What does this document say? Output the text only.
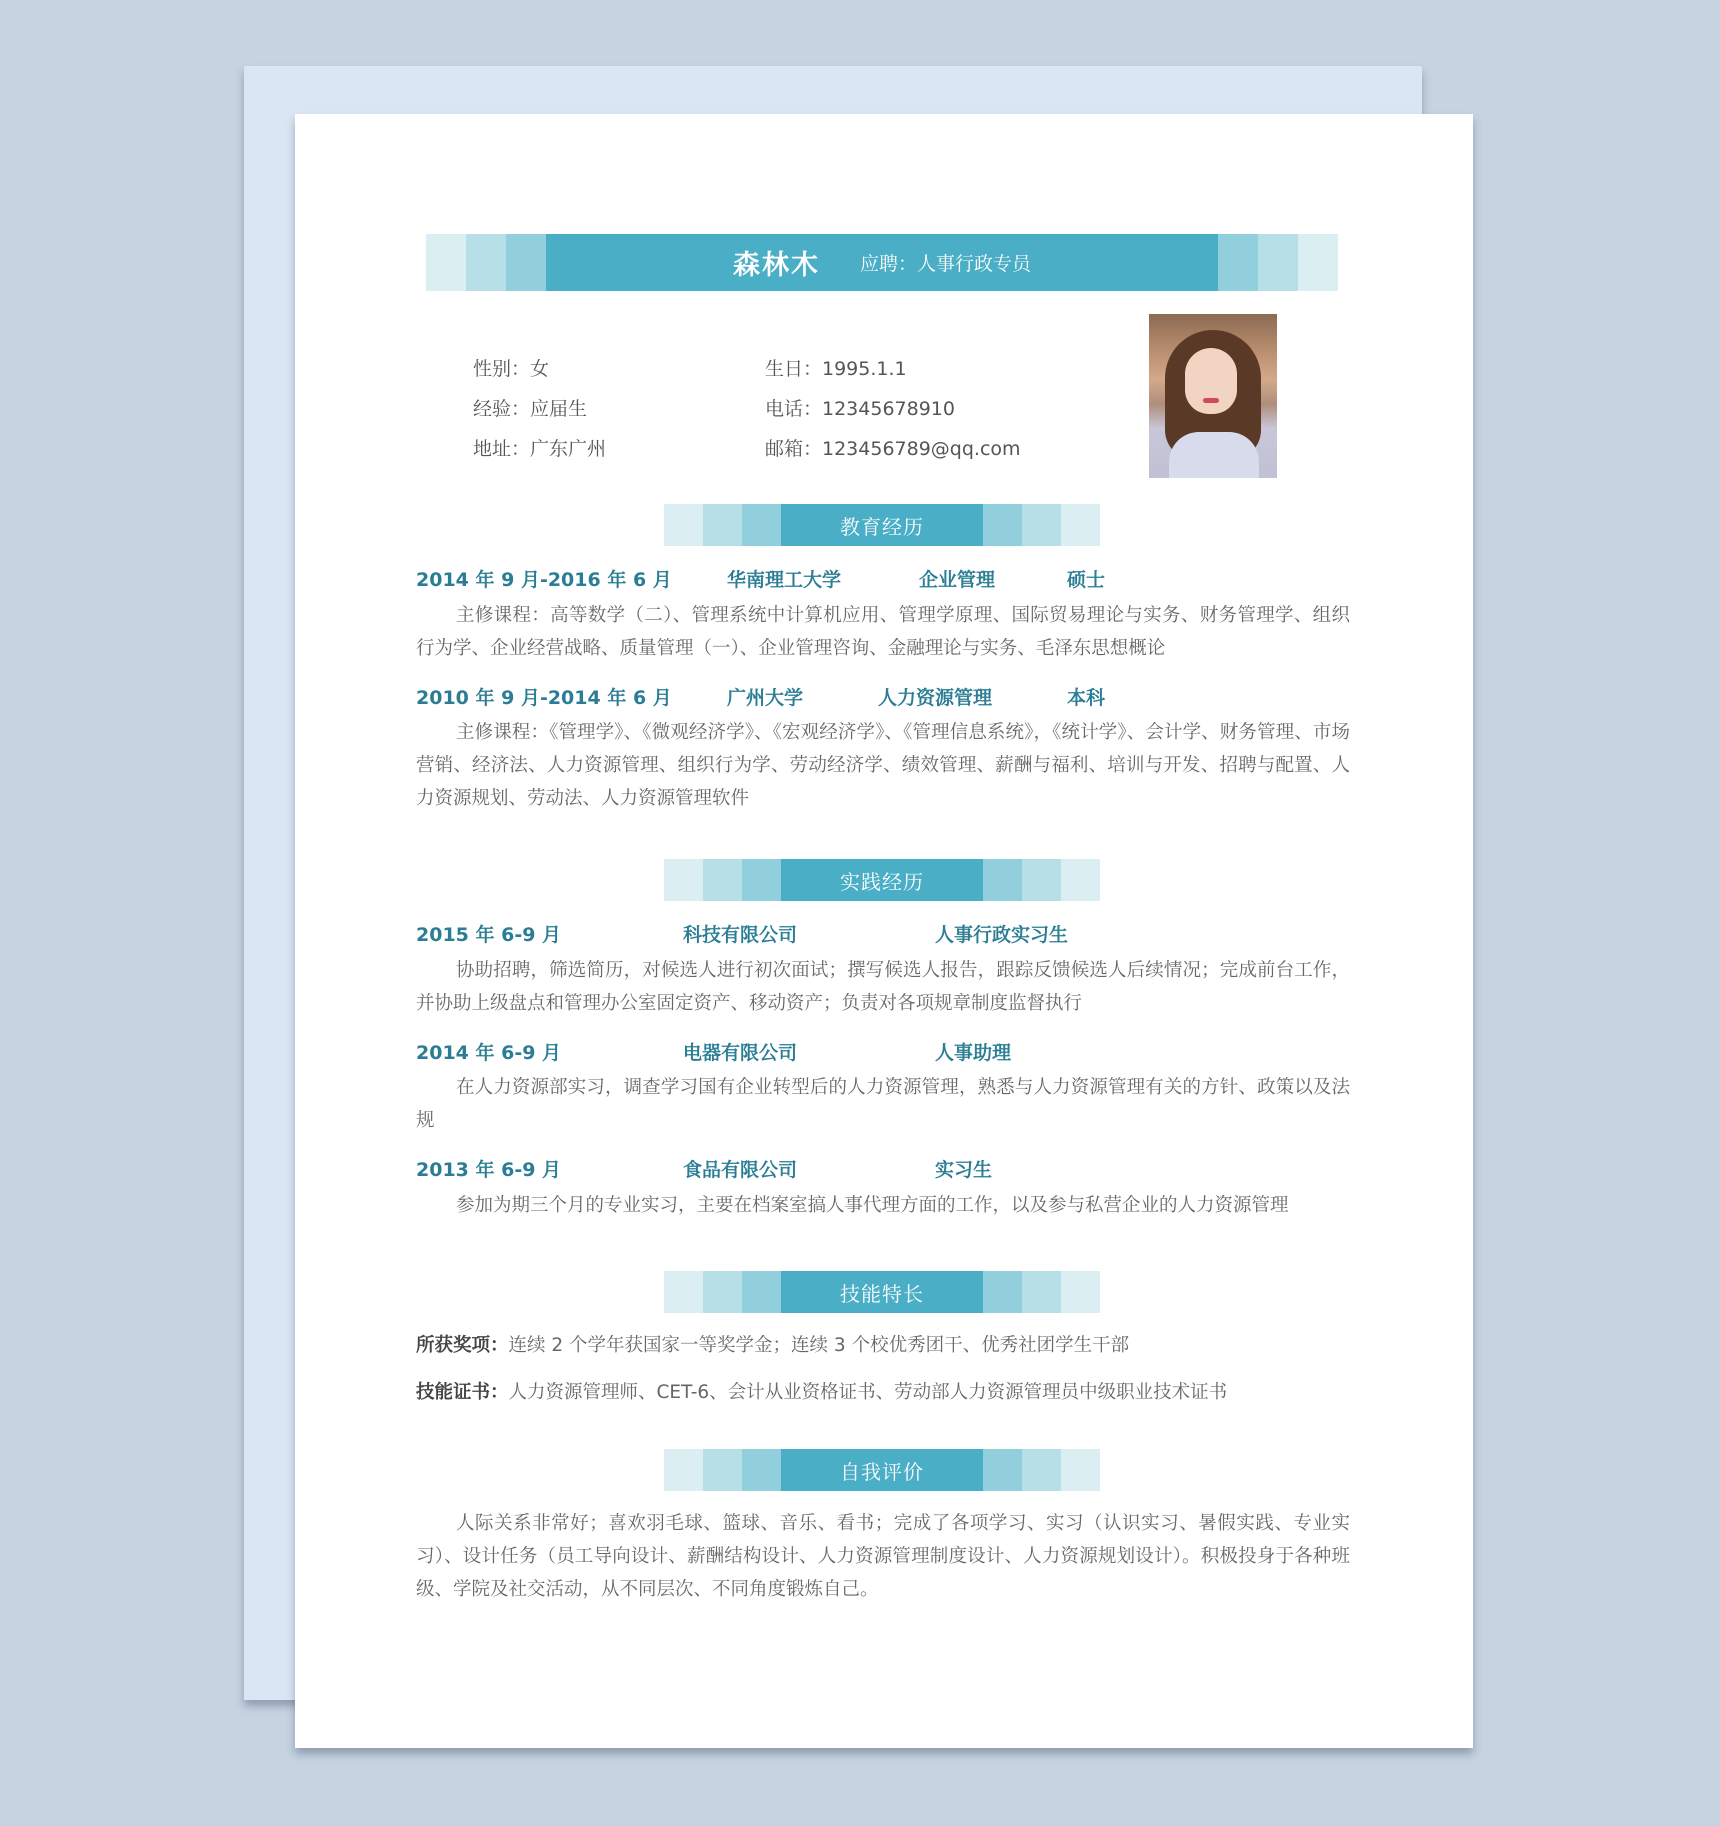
森林木 应聘：人事行政专员
性别：女	生日：1995.1.1
经验：应届生	电话：12345678910
地址：广东广州	邮箱：123456789@qq.com
教育经历
2014 年 9 月-2016 年 6 月	华南理工大学	企业管理	硕士
主修课程：高等数学（二）、管理系统中计算机应用、管理学原理、国际贸易理论与实务、财务管理学、组织行为学、企业经营战略、质量管理（一）、企业管理咨询、金融理论与实务、毛泽东思想概论
2010 年 9 月-2014 年 6 月	广州大学	人力资源管理	本科
主修课程：《管理学》、《微观经济学》、《宏观经济学》、《管理信息系统》，《统计学》、会计学、财务管理、市场营销、经济法、人力资源管理、组织行为学、劳动经济学、绩效管理、薪酬与福利、培训与开发、招聘与配置、人力资源规划、劳动法、人力资源管理软件
实践经历
2015 年 6-9 月	科技有限公司	人事行政实习生
协助招聘，筛选简历，对候选人进行初次面试；撰写候选人报告，跟踪反馈候选人后续情况；完成前台工作，并协助上级盘点和管理办公室固定资产、移动资产；负责对各项规章制度监督执行
2014 年 6-9 月	电器有限公司	人事助理
在人力资源部实习，调查学习国有企业转型后的人力资源管理，熟悉与人力资源管理有关的方针、政策以及法规
2013 年 6-9 月	食品有限公司	实习生
参加为期三个月的专业实习，主要在档案室搞人事代理方面的工作，以及参与私营企业的人力资源管理
技能特长
所获奖项：连续 2 个学年获国家一等奖学金；连续 3 个校优秀团干、优秀社团学生干部
技能证书：人力资源管理师、CET-6、会计从业资格证书、劳动部人力资源管理员中级职业技术证书
自我评价
人际关系非常好；喜欢羽毛球、篮球、音乐、看书；完成了各项学习、实习（认识实习、暑假实践、专业实习）、设计任务（员工导向设计、薪酬结构设计、人力资源管理制度设计、人力资源规划设计）。积极投身于各种班级、学院及社交活动，从不同层次、不同角度锻炼自己。
